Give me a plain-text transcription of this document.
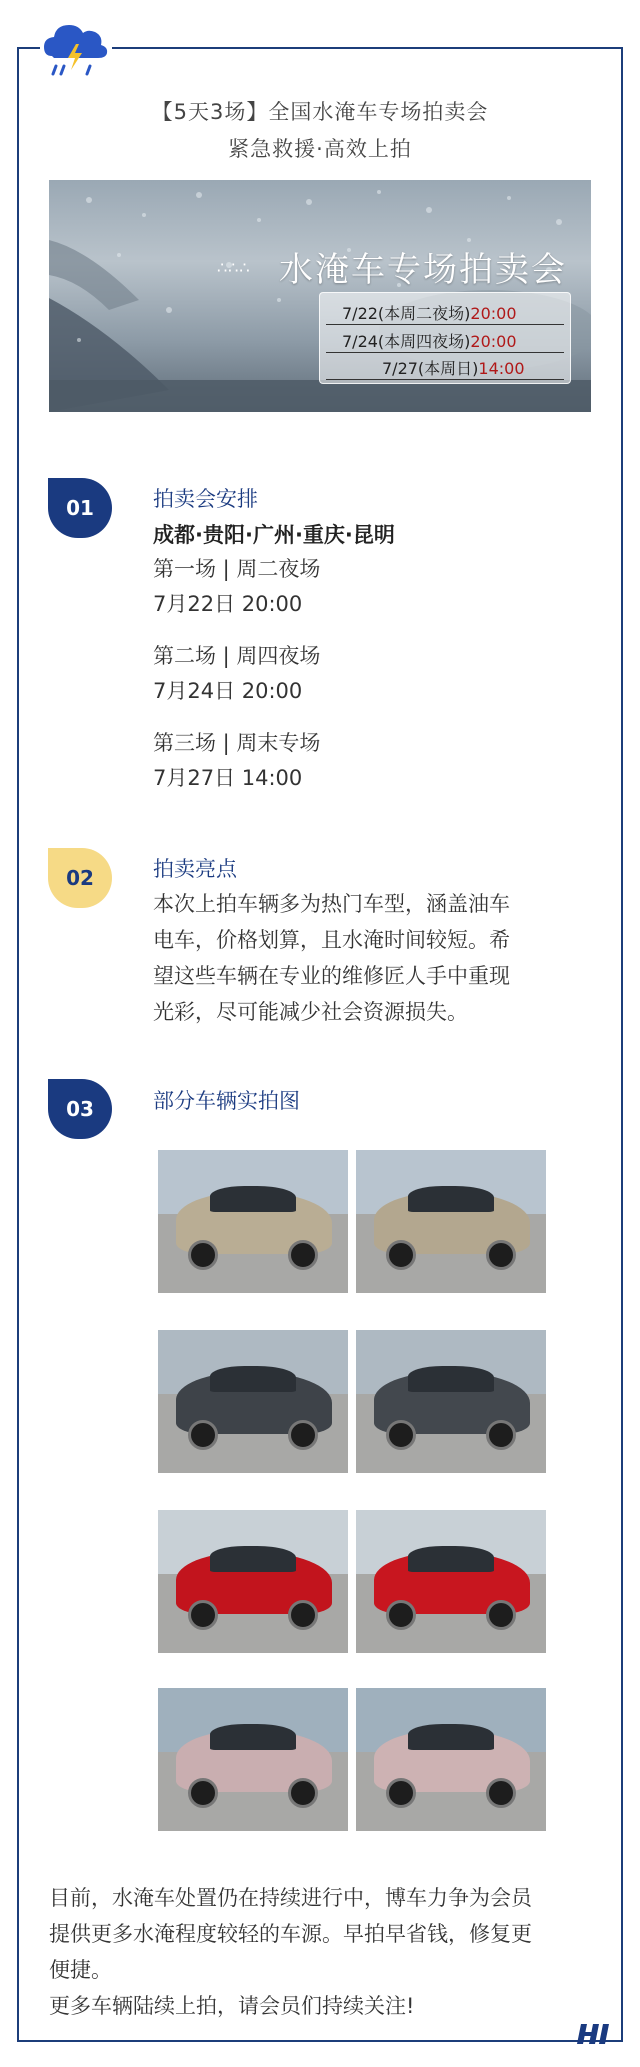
【5天3场】全国水淹车专场拍卖会
紧急救援·高效上拍
∴∴∴ 水淹车专场拍卖会
7/22(本周二夜场)20:00
7/24(本周四夜场)20:00
7/27(本周日)14:00
01	拍卖会安排
成都·贵阳·广州·重庆·昆明
第一场 | 周二夜场
7月22日 20:00
第二场 | 周四夜场
7月24日 20:00
第三场 | 周末专场
7月27日 14:00
02	拍卖亮点
本次上拍车辆多为热门车型，涵盖油车
电车，价格划算，且水淹时间较短。希
望这些车辆在专业的维修匠人手中重现
光彩，尽可能减少社会资源损失。
03	部分车辆实拍图
目前，水淹车处置仍在持续进行中，博车力争为会员
提供更多水淹程度较轻的车源。早拍早省钱，修复更
便捷。
更多车辆陆续上拍，请会员们持续关注!
